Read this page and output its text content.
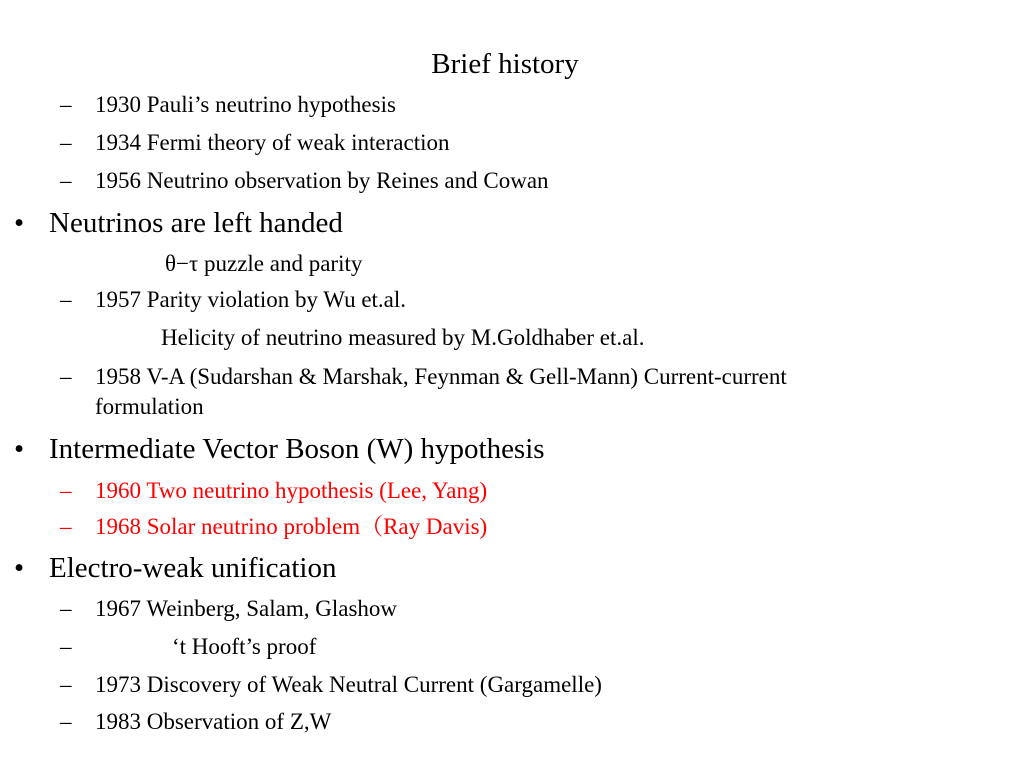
Brief history
– 1930 Pauli’s neutrino hypothesis
– 1934 Fermi theory of weak interaction
– 1956 Neutrino observation by Reines and Cowan
• Neutrinos are left handed
θ−τ puzzle and parity
– 1957 Parity violation by Wu et.al.
Helicity of neutrino measured by M.Goldhaber et.al.
– 1958 V-A (Sudarshan & Marshak, Feynman & Gell-Mann) Current-current
formulation
• Intermediate Vector Boson (W) hypothesis
– 1960 Two neutrino hypothesis (Lee, Yang)
– 1968 Solar neutrino problem（Ray Davis)
• Electro-weak unification
– 1967 Weinberg, Salam, Glashow
–	‘t Hooft’s proof
– 1973 Discovery of Weak Neutral Current (Gargamelle)
– 1983 Observation of Z,W
